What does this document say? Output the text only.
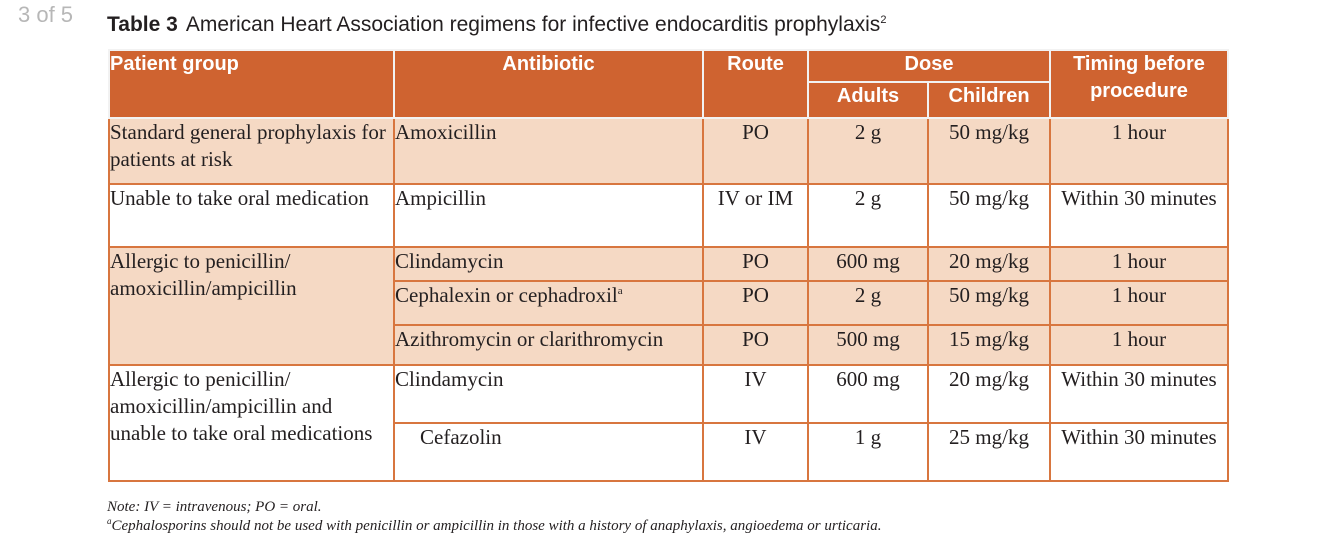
3 of 5 Table 3 American Heart Association regimens for infective endocarditis prophylaxis$^2$
Patient group	Antibiotic	Route	Dose		Timing before procedure
			Adults	Children	
Standard general prophylaxis for patients at risk	Amoxicillin	PO	2 g	50 mg/kg	1 hour
Unable to take oral medication	Ampicillin	IV or IM	2 g	50 mg/kg	Within 30 minutes
Allergic to penicillin/ amoxicillin/ampicillin	Clindamycin	PO	600 mg	20 mg/kg	1 hour
	Cephalexin or cephadroxil$^a$	PO	2 g	50 mg/kg	1 hour
	Azithromycin or clarithromycin	PO	500 mg	15 mg/kg	1 hour
Allergic to penicillin/ amoxicillin/ampicillin and unable to take oral medications	Clindamycin	IV	600 mg	20 mg/kg	Within 30 minutes
	Cefazolin	IV	1 g	25 mg/kg	Within 30 minutes
Note: IV = intravenous; PO = oral.
$^a$Cephalosporins should not be used with penicillin or ampicillin in those with a history of anaphylaxis, angioedema or urticaria.
